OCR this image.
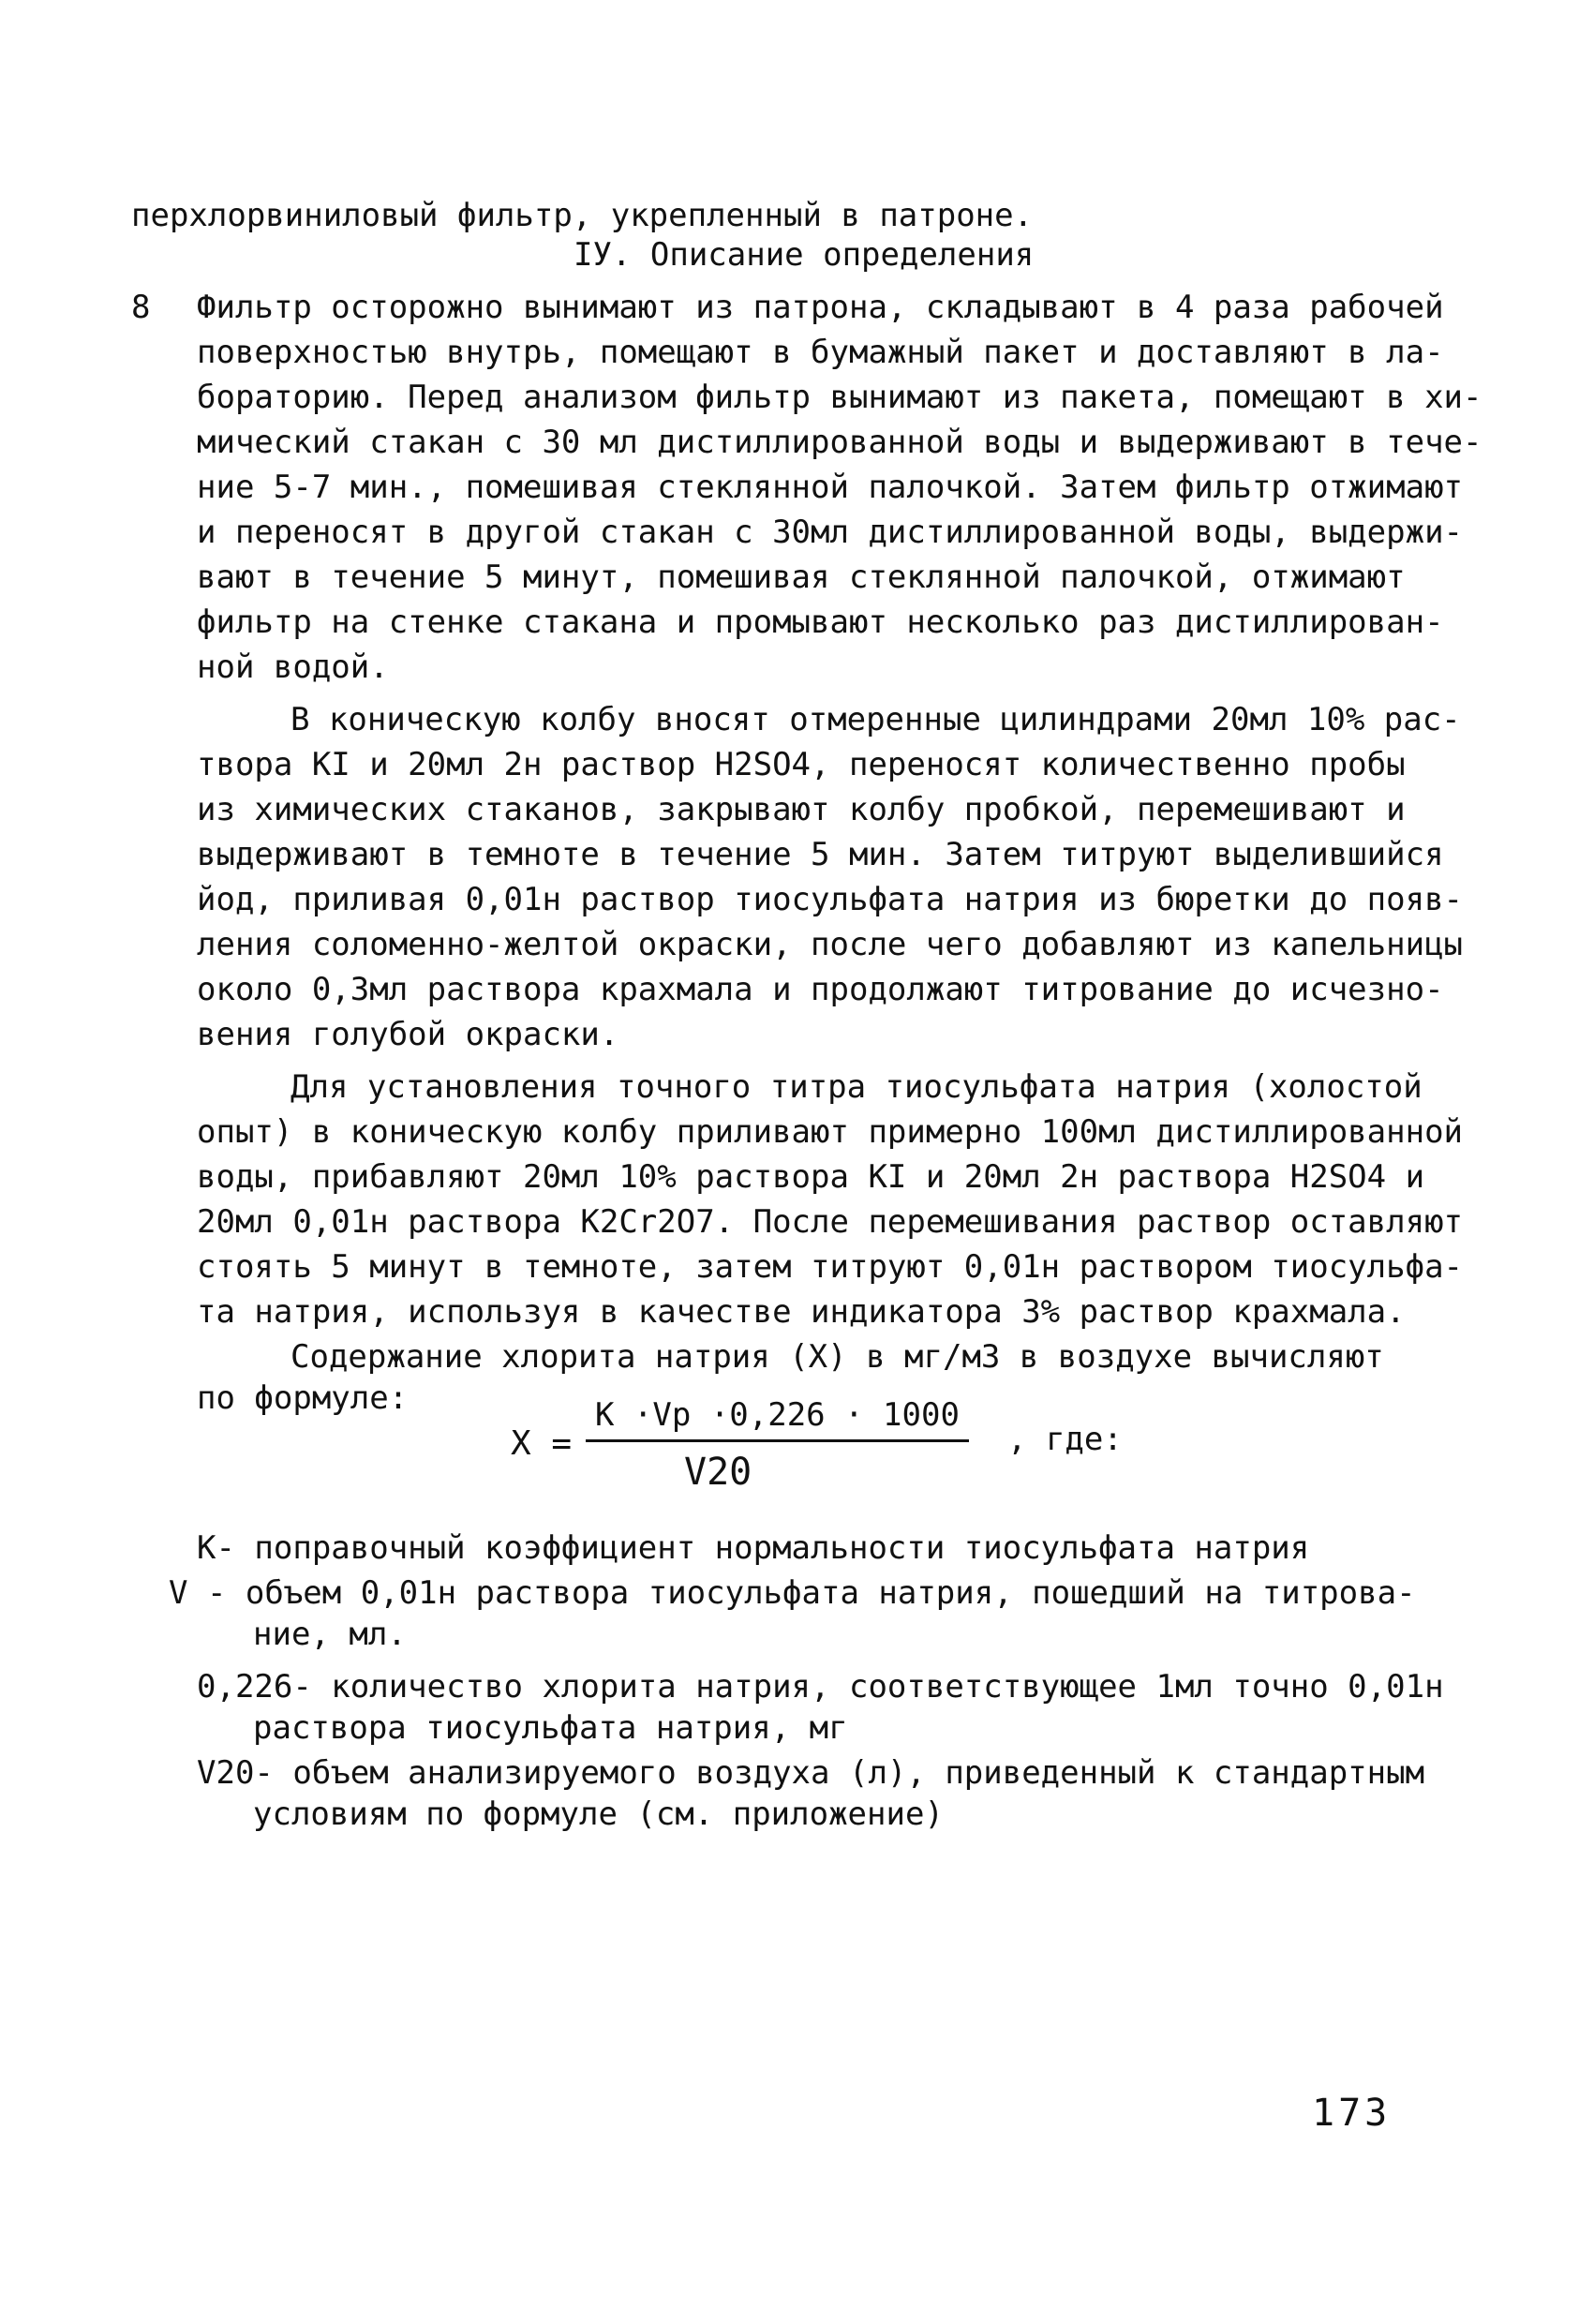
перхлорвиниловый фильтр, укрепленный в патроне.
IУ. Описание определения
8 Фильтр осторожно вынимают из патрона, складывают в 4 раза рабочей
поверхностью внутрь, помещают в бумажный пакет и доставляют в ла-
бораторию. Перед анализом фильтр вынимают из пакета, помещают в хи-
мический стакан с 30 мл дистиллированной воды и выдерживают в тече-
ние 5-7 мин., помешивая стеклянной палочкой. Затем фильтр отжимают
и переносят в другой стакан с 30мл дистиллированной воды, выдержи-
вают в течение 5 минут, помешивая стеклянной палочкой, отжимают
фильтр на стенке стакана и промывают несколько раз дистиллирован-
ной водой.
В коническую колбу вносят отмеренные цилиндрами 20мл 10% рас-
твора KI и 20мл 2н раствор H2SO4, переносят количественно пробы
из химических стаканов, закрывают колбу пробкой, перемешивают и
выдерживают в темноте в течение 5 мин. Затем титруют выделившийся
йод, приливая 0,01н раствор тиосульфата натрия из бюретки до появ-
ления соломенно-желтой окраски, после чего добавляют из капельницы
около 0,3мл раствора крахмала и продолжают титрование до исчезно-
вения голубой окраски.
Для установления точного титра тиосульфата натрия (холостой
опыт) в коническую колбу приливают примерно 100мл дистиллированной
воды, прибавляют 20мл 10% раствора KI и 20мл 2н раствора H2SO4 и
20мл 0,01н раствора K2Cr2O7. После перемешивания раствор оставляют
стоять 5 минут в темноте, затем титруют 0,01н раствором тиосульфа-
та натрия, используя в качестве индикатора 3% раствор крахмала.
Содержание хлорита натрия (X) в мг/м3 в воздухе вычисляют
по формуле:
X =
K ·Vp ·0,226 · 1000
V20
, где:
K- поправочный коэффициент нормальности тиосульфата натрия
V - объем 0,01н раствора тиосульфата натрия, пошедший на титрова-
ние, мл.
0,226- количество хлорита натрия, соответствующее 1мл точно 0,01н
раствора тиосульфата натрия, мг
V20- объем анализируемого воздуха (л), приведенный к стандартным
условиям по формуле (см. приложение)
173
